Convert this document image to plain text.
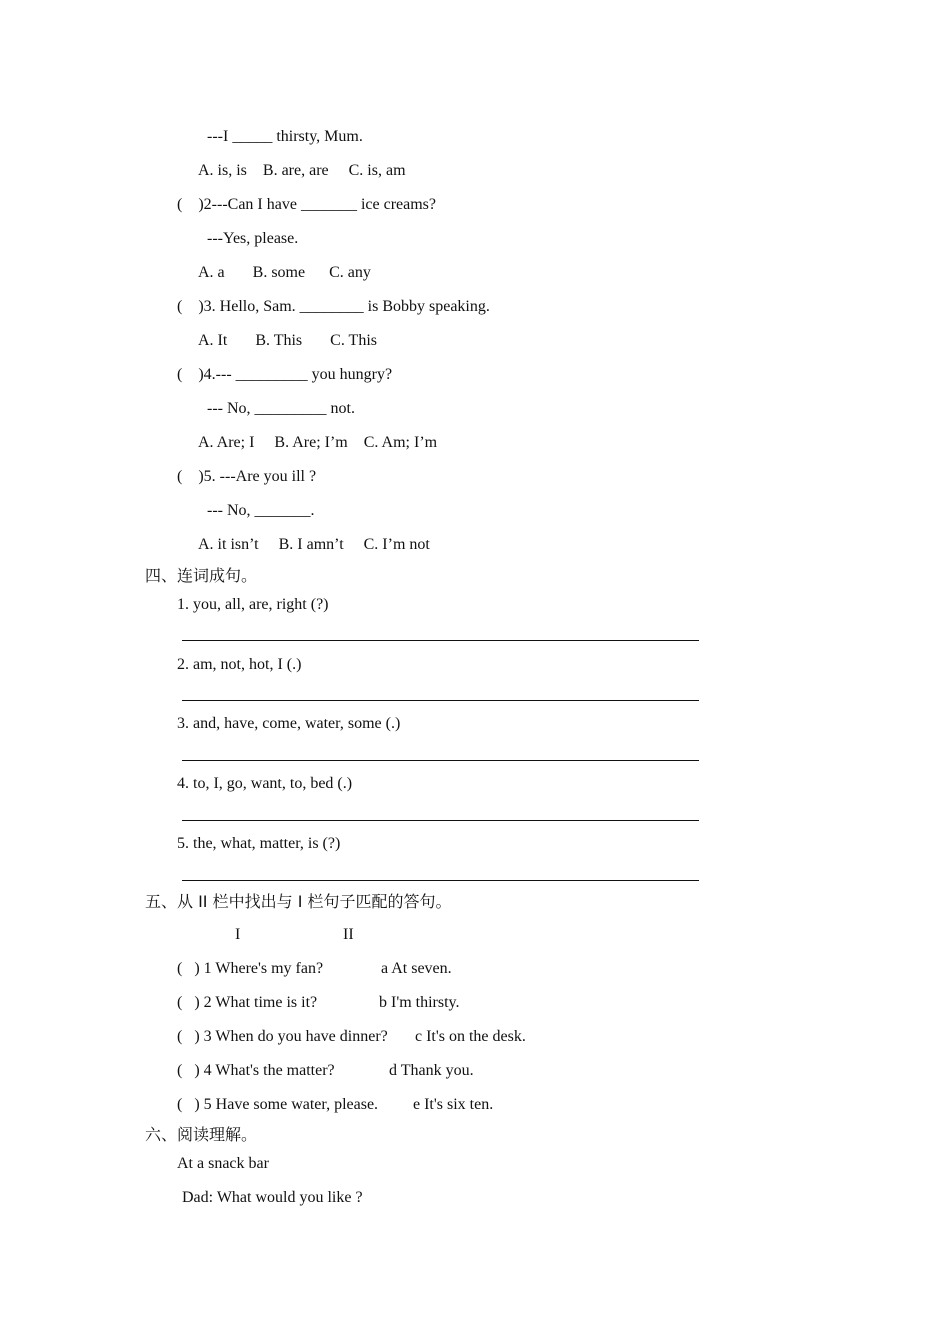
---I _____ thirsty, Mum.
A. is, is    B. are, are     C. is, am
(    )2---Can I have _______ ice creams?
---Yes, please.
A. a       B. some      C. any
(    )3. Hello, Sam. ________ is Bobby speaking.
A. It       B. This       C. This
(    )4.--- _________ you hungry?
--- No, _________ not.
A. Are; I     B. Are; I’m    C. Am; I’m
(    )5. ---Are you ill ?
--- No, _______.
A. it isn’t     B. I amn’t     C. I’m not
四、连词成句。
1. you, all, are, right (?)
2. am, not, hot, I (.)
3. and, have, come, water, some (.)
4. to, I, go, want, to, bed (.)
5. the, what, matter, is (?)
五、从 II 栏中找出与 I 栏句子匹配的答句。
I	II
(   ) 1 Where's my fan?	a At seven.
(   ) 2 What time is it?	b I'm thirsty.
(   ) 3 When do you have dinner? c It's on the desk.
(   ) 4 What's the matter?	d Thank you.
(   ) 5 Have some water, please. e It's six ten.
六、阅读理解。
At a snack bar
Dad: What would you like ?
